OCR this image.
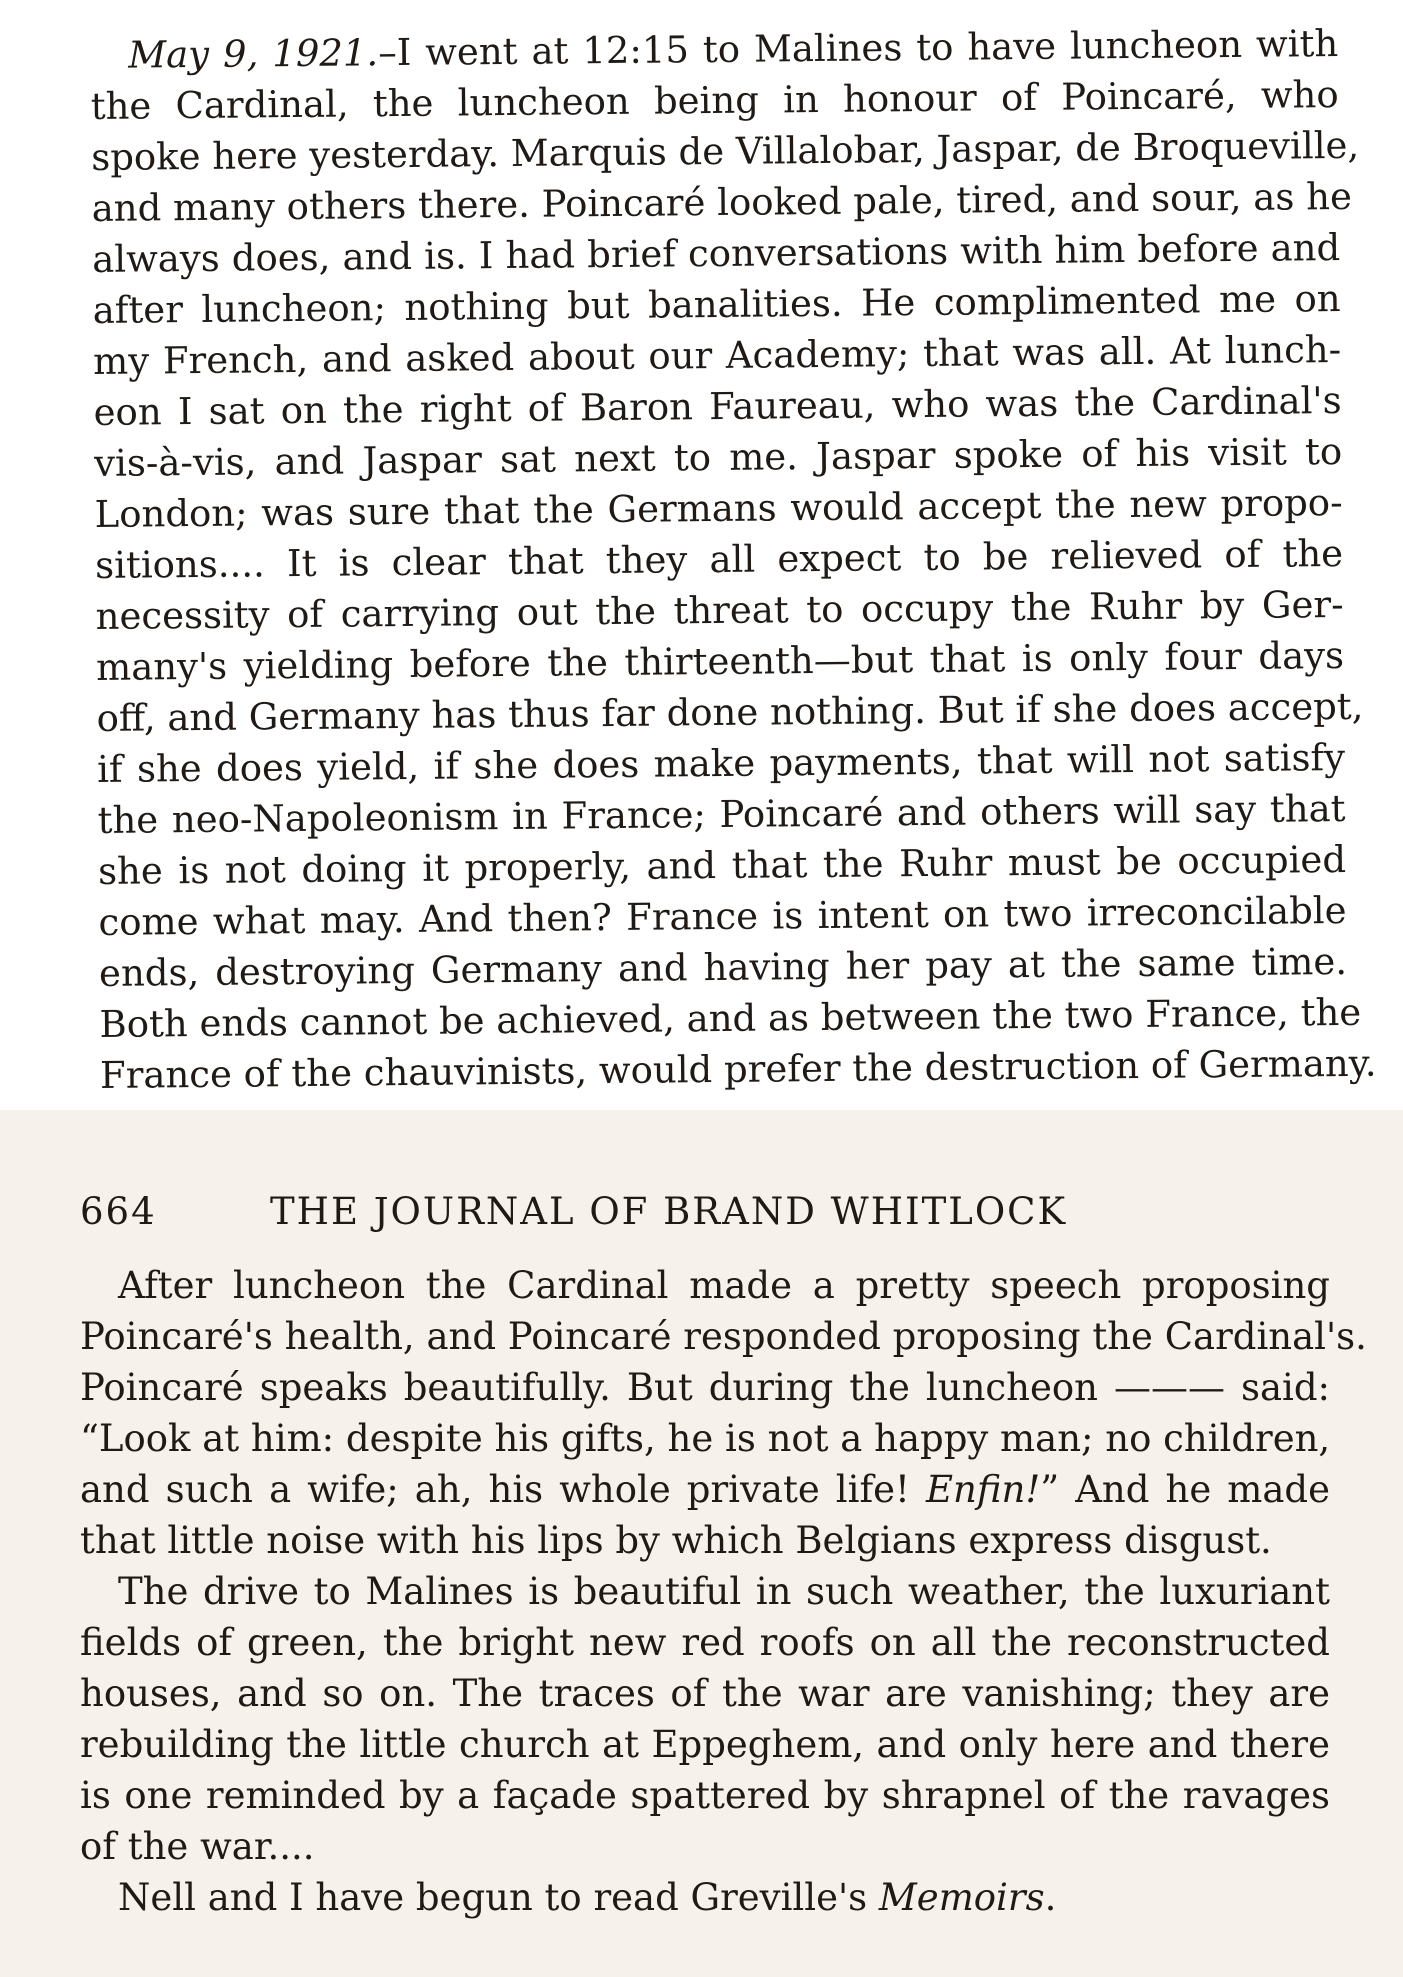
May 9, 1921.–I went at 12:15 to Malines to have luncheon with
the Cardinal, the luncheon being in honour of Poincaré, who
spoke here yesterday. Marquis de Villalobar, Jaspar, de Broqueville,
and many others there. Poincaré looked pale, tired, and sour, as he
always does, and is. I had brief conversations with him before and
after luncheon; nothing but banalities. He complimented me on
my French, and asked about our Academy; that was all. At lunch-
eon I sat on the right of Baron Faureau, who was the Cardinal's
vis-à-vis, and Jaspar sat next to me. Jaspar spoke of his visit to
London; was sure that the Germans would accept the new propo-
sitions.... It is clear that they all expect to be relieved of the
necessity of carrying out the threat to occupy the Ruhr by Ger-
many's yielding before the thirteenth—but that is only four days
off, and Germany has thus far done nothing. But if she does accept,
if she does yield, if she does make payments, that will not satisfy
the neo-Napoleonism in France; Poincaré and others will say that
she is not doing it properly, and that the Ruhr must be occupied
come what may. And then? France is intent on two irreconcilable
ends, destroying Germany and having her pay at the same time.
Both ends cannot be achieved, and as between the two France, the
France of the chauvinists, would prefer the destruction of Germany.
664	THE JOURNAL OF BRAND WHITLOCK
After luncheon the Cardinal made a pretty speech proposing
Poincaré's health, and Poincaré responded proposing the Cardinal's.
Poincaré speaks beautifully. But during the luncheon ——— said:
“Look at him: despite his gifts, he is not a happy man; no children,
and such a wife; ah, his whole private life! Enfin!” And he made
that little noise with his lips by which Belgians express disgust.
The drive to Malines is beautiful in such weather, the luxuriant
fields of green, the bright new red roofs on all the reconstructed
houses, and so on. The traces of the war are vanishing; they are
rebuilding the little church at Eppeghem, and only here and there
is one reminded by a façade spattered by shrapnel of the ravages
of the war....
Nell and I have begun to read Greville's Memoirs.
